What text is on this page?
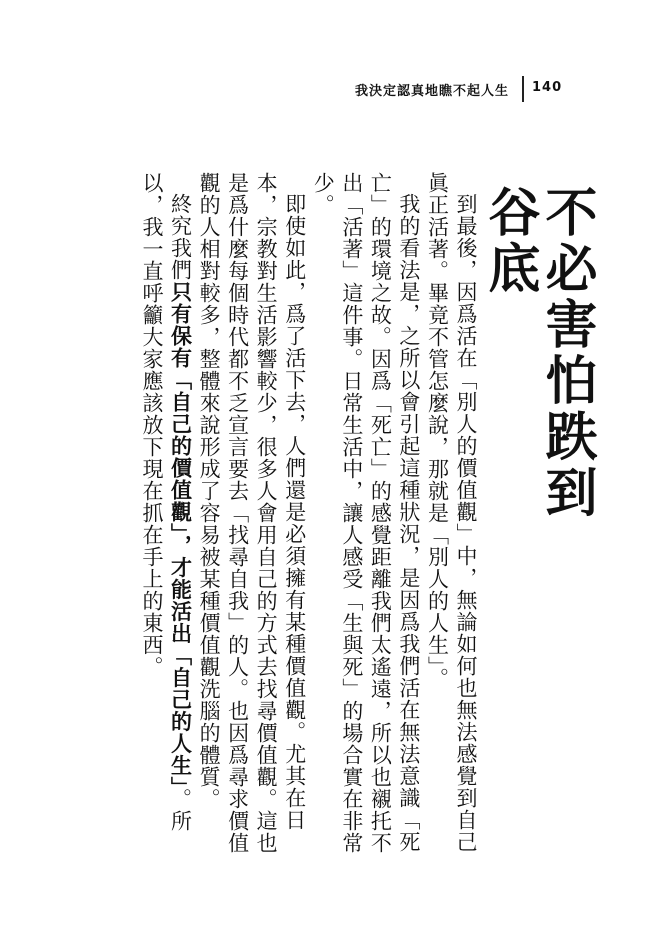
我決定認真地瞧不起人生 140
不必害怕跌到谷底

到最後，因爲活在「別人的價值觀」中，無論如何也無法感覺到自己眞正活著。畢竟不管怎麼說，那就是「別人的人生」。

我的看法是，之所以會引起這種狀況，是因爲我們活在無法意識「死亡」的環境之故。因爲「死亡」的感覺距離我們太遙遠，所以也襯托不出「活著」這件事。日常生活中，讓人感受「生與死」的場合實在非常少。

即使如此，爲了活下去，人們還是必須擁有某種價值觀。尤其在日本，宗教對生活影響較少，很多人會用自己的方式去找尋價值觀。這也是爲什麼每個時代都不乏宣言要去「找尋自我」的人。也因爲尋求價值觀的人相對較多，整體來說形成了容易被某種價值觀洗腦的體質。

終究我們只有保有「自己的價值觀」，才能活出「自己的人生」。所以，我一直呼籲大家應該放下現在抓在手上的東西。
